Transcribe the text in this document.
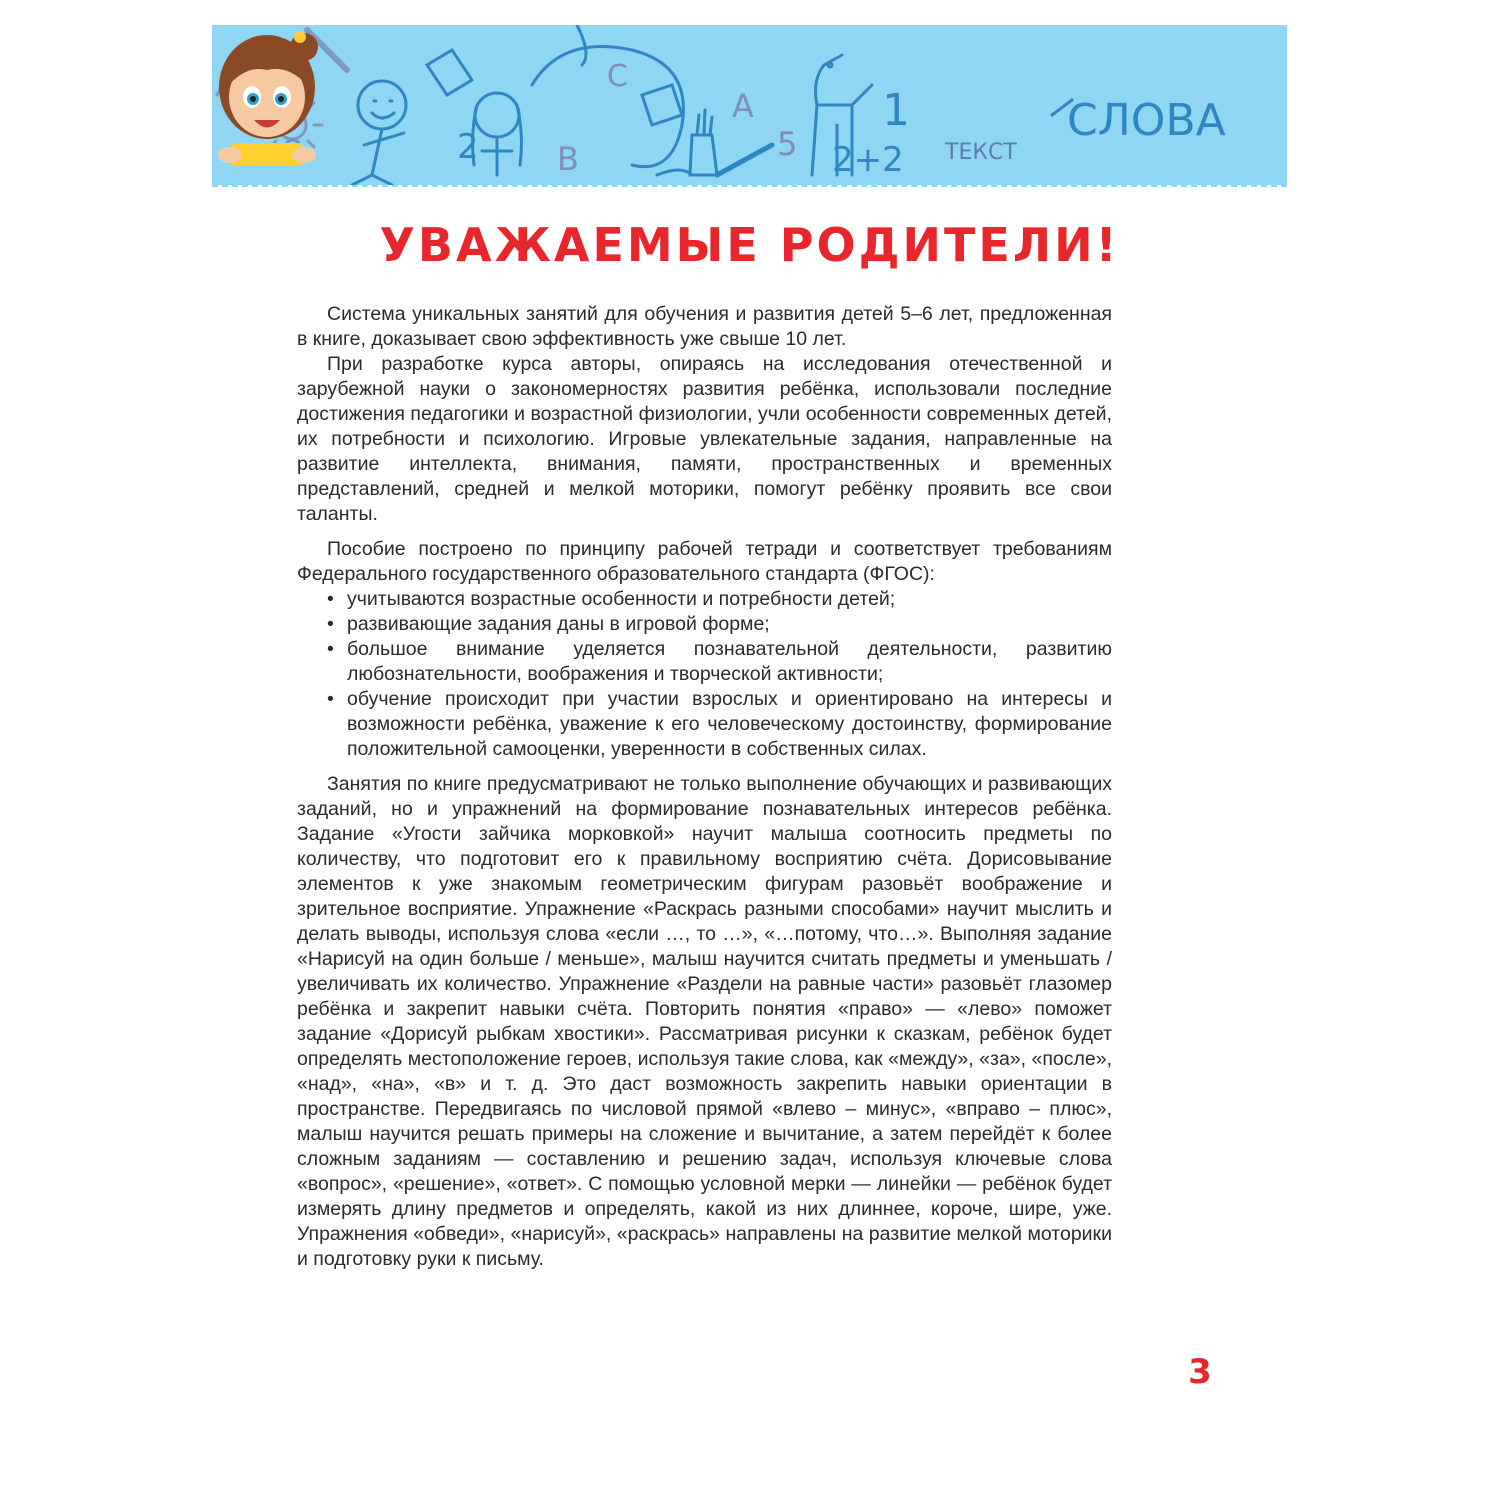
2
C
B
A
5
1
2+2 ТЕКСТ
СЛОВА
УВАЖАЕМЫЕ РОДИТЕЛИ!

Система уникальных занятий для обучения и развития детей 5–6 лет, предложенная в книге, доказывает свою эффективность уже свыше 10 лет.

При разработке курса авторы, опираясь на исследования отечественной и зарубежной науки о закономерностях развития ребёнка, использовали последние достижения педагогики и возрастной физиологии, учли особенности современных детей, их потребности и психологию. Игровые увлекательные задания, направленные на развитие интеллекта, внимания, памяти, пространственных и временных представлений, средней и мелкой моторики, помогут ребёнку проявить все свои таланты.

Пособие построено по принципу рабочей тетради и соответствует требованиям Федерального государственного образовательного стандарта (ФГОС):

• учитываются возрастные особенности и потребности детей;
• развивающие задания даны в игровой форме;
• большое внимание уделяется познавательной деятельности, развитию любознательности, воображения и творческой активности;
• обучение происходит при участии взрослых и ориентировано на интересы и возможности ребёнка, уважение к его человеческому достоинству, формирование положительной самооценки, уверенности в собственных силах.

Занятия по книге предусматривают не только выполнение обучающих и развивающих заданий, но и упражнений на формирование познавательных интересов ребёнка. Задание «Угости зайчика морковкой» научит малыша соотносить предметы по количеству, что подготовит его к правильному восприятию счёта. Дорисовывание элементов к уже знакомым геометрическим фигурам разовьёт воображение и зрительное восприятие. Упражнение «Раскрась разными способами» научит мыслить и делать выводы, используя слова «если …, то …», «…потому, что…». Выполняя задание «Нарисуй на один больше / меньше», малыш научится считать предметы и уменьшать / увеличивать их количество. Упражнение «Раздели на равные части» разовьёт глазомер ребёнка и закрепит навыки счёта. Повторить понятия «право» — «лево» поможет задание «Дорисуй рыбкам хвостики». Рассматривая рисунки к сказкам, ребёнок будет определять местоположение героев, используя такие слова, как «между», «за», «после», «над», «на», «в» и т. д. Это даст возможность закрепить навыки ориентации в пространстве. Передвигаясь по числовой прямой «влево – минус», «вправо – плюс», малыш научится решать примеры на сложение и вычитание, а затем перейдёт к более сложным заданиям — составлению и решению задач, используя ключевые слова «вопрос», «решение», «ответ». С помощью условной мерки — линейки — ребёнок будет измерять длину предметов и определять, какой из них длиннее, короче, шире, уже. Упражнения «обведи», «нарисуй», «раскрась» направлены на развитие мелкой моторики и подготовку руки к письму.

3
